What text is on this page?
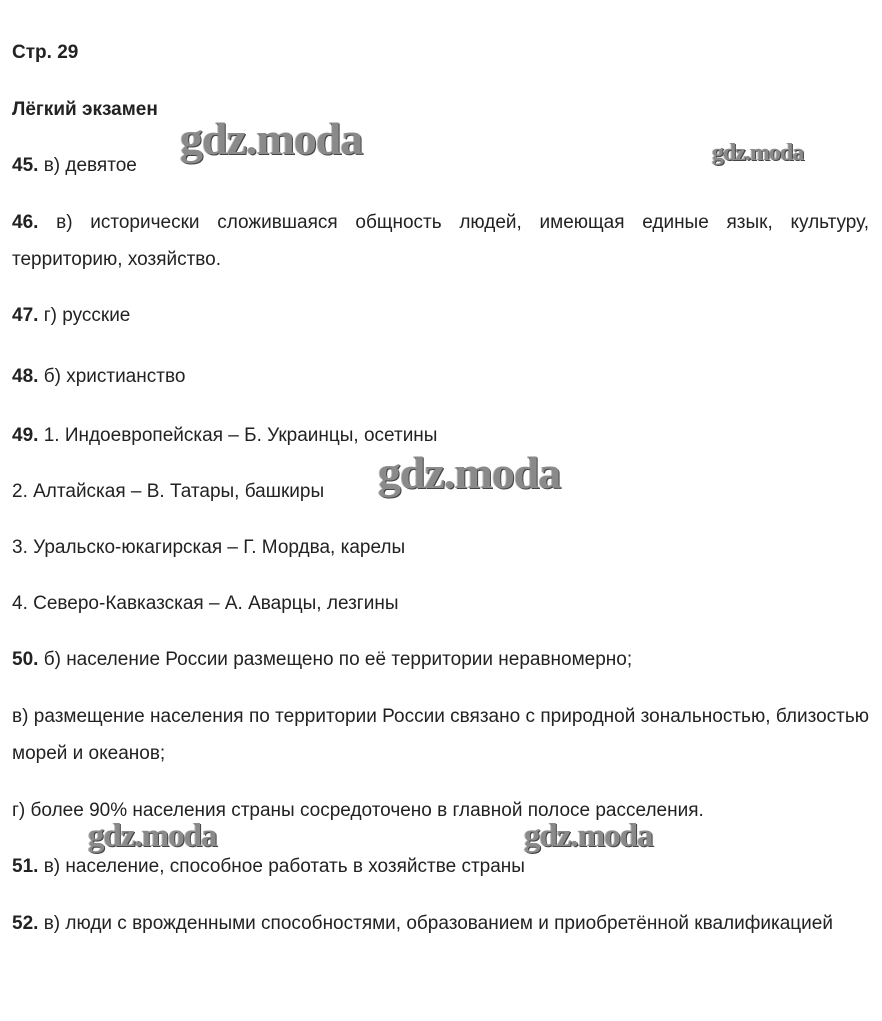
Стр. 29

Лёгкий экзамен

45. в) девятое

46. в) исторически сложившаяся общность людей, имеющая единые язык, культуру, территорию, хозяйство.

47. г) русские

48. б) христианство

49. 1. Индоевропейская – Б. Украинцы, осетины

2. Алтайская – В. Татары, башкиры

3. Уральско-юкагирская – Г. Мордва, карелы

4. Северо-Кавказская – А. Аварцы, лезгины

50. б) население России размещено по её территории неравномерно;

в) размещение населения по территории России связано с природной зональностью, близостью морей и океанов;

г) более 90% населения страны сосредоточено в главной полосе расселения.

51. в) население, способное работать в хозяйстве страны

52. в) люди с врожденными способностями, образованием и приобретённой квалификацией

gdz.moda	gdz.moda
gdz.moda
gdz.moda	gdz.moda
